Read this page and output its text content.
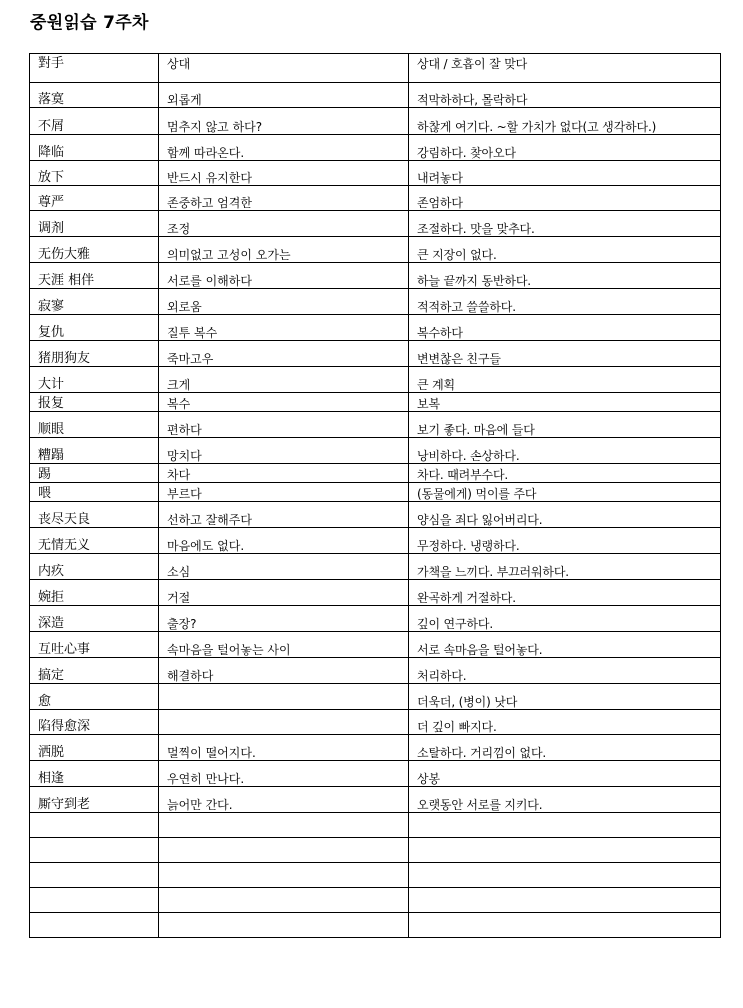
중원읽습 7주차
對手	상대	상대 / 호흡이 잘 맞다
落寞	외롭게	적막하하다, 몰락하다
不屑	멈추지 않고 하다?	하찮게 여기다. ~할 가치가 없다(고 생각하다.)
降临	함께 따라온다.	강림하다. 찾아오다
放下	반드시 유지한다	내려놓다
尊严	존중하고 엄격한	존엄하다
调剂	조정	조절하다. 맛을 맞추다.
无伤大雅	의미없고 고성이 오가는	큰 지장이 없다.
天涯 相伴	서로를 이해하다	하늘 끝까지 동반하다.
寂寥	외로움	적적하고 쓸쓸하다.
复仇	질투 복수	복수하다
猪朋狗友	죽마고우	변변찮은 친구들
大计	크게	큰 계획
报复	복수	보복
顺眼	편하다	보기 좋다. 마음에 들다
糟蹋	망치다	낭비하다. 손상하다.
踢	차다	차다. 때려부수다.
喂	부르다	(동물에게) 먹이를 주다
丧尽天良	선하고 잘해주다	양심을 죄다 잃어버리다.
无情无义	마음에도 없다.	무정하다. 냉랭하다.
内疚	소심	가책을 느끼다. 부끄러워하다.
婉拒	거절	완곡하게 거절하다.
深造	출장?	깊이 연구하다.
互吐心事	속마음을 털어놓는 사이	서로 속마음을 털어놓다.
搞定	해결하다	처리하다.
愈		더욱더, (병이) 낫다
陷得愈深		더 깊이 빠지다.
洒脱	멀찍이 떨어지다.	소탈하다. 거리낌이 없다.
相逢	우연히 만나다.	상봉
厮守到老	늙어만 간다.	오랫동안 서로를 지키다.
